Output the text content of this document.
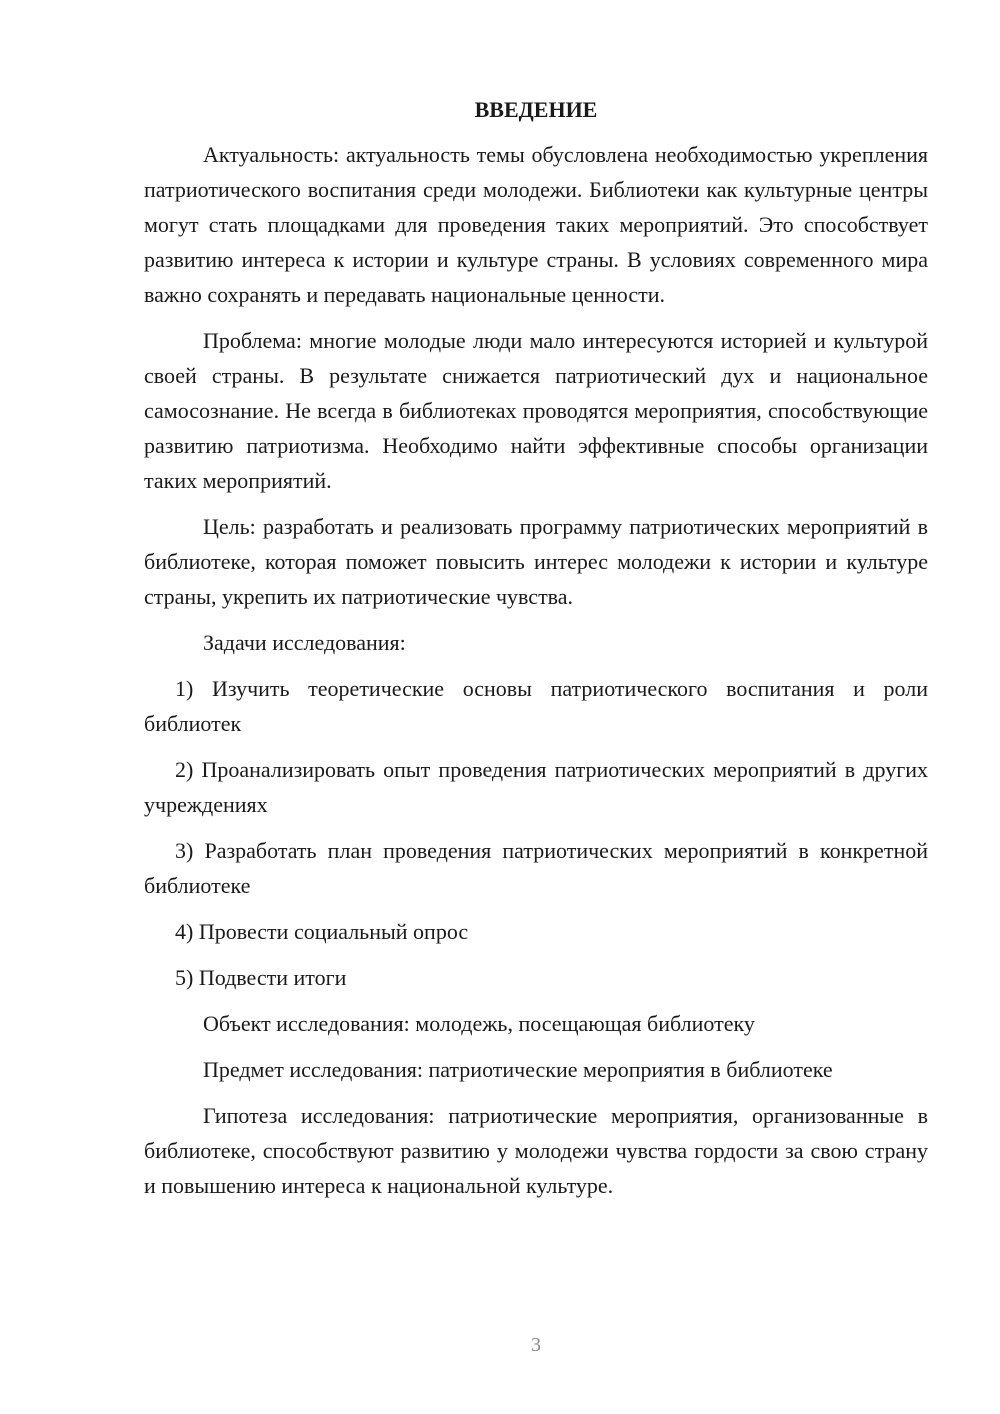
ВВЕДЕНИЕ

Актуальность: актуальность темы обусловлена необходимостью укрепления патриотического воспитания среди молодежи. Библиотеки как культурные центры могут стать площадками для проведения таких мероприятий. Это способствует развитию интереса к истории и культуре страны. В условиях современного мира важно сохранять и передавать национальные ценности.

Проблема: многие молодые люди мало интересуются историей и культурой своей страны. В результате снижается патриотический дух и национальное самосознание. Не всегда в библиотеках проводятся мероприятия, способствующие развитию патриотизма. Необходимо найти эффективные способы организации таких мероприятий.

Цель: разработать и реализовать программу патриотических мероприятий в библиотеке, которая поможет повысить интерес молодежи к истории и культуре страны, укрепить их патриотические чувства.

Задачи исследования:

1) Изучить теоретические основы патриотического воспитания и роли библиотек

2) Проанализировать опыт проведения патриотических мероприятий в других учреждениях

3) Разработать план проведения патриотических мероприятий в конкретной библиотеке

4) Провести социальный опрос

5) Подвести итоги

Объект исследования: молодежь, посещающая библиотеку

Предмет исследования: патриотические мероприятия в библиотеке

Гипотеза исследования: патриотические мероприятия, организованные в библиотеке, способствуют развитию у молодежи чувства гордости за свою страну и повышению интереса к национальной культуре.

3
